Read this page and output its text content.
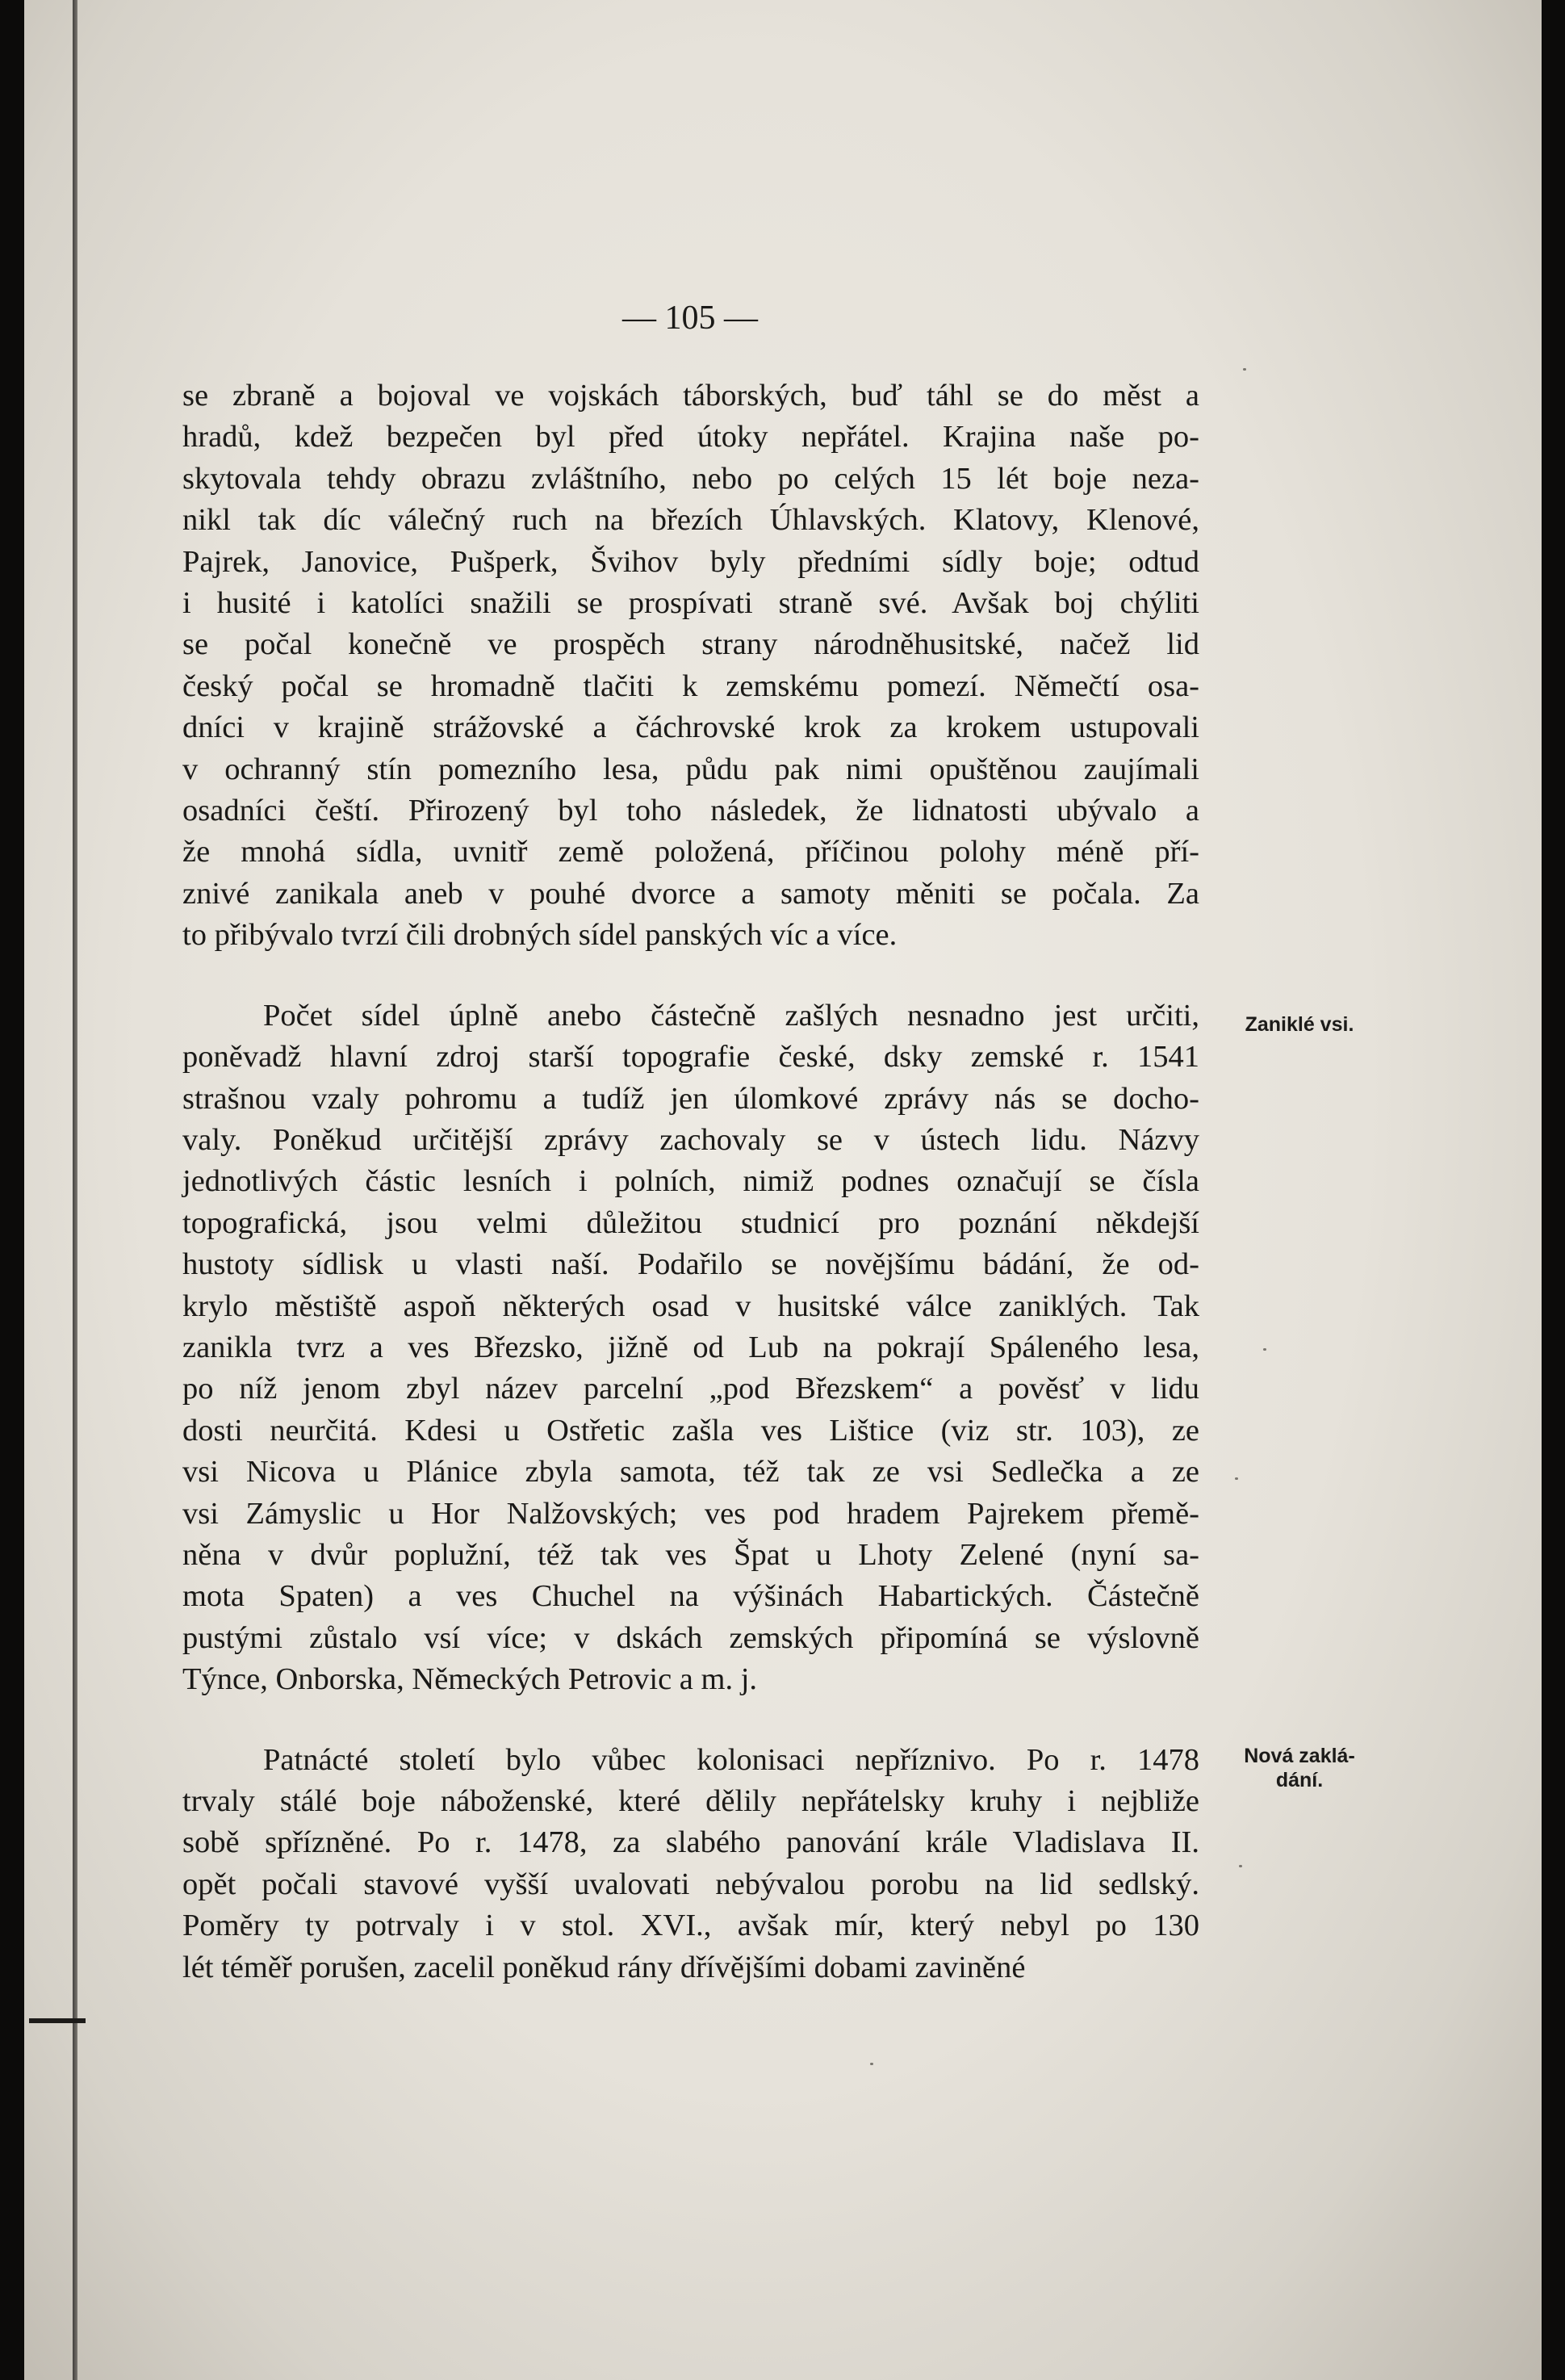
— 105 —

se zbraně a bojoval ve vojskách táborských, buď táhl se do měst a
hradů, kdež bezpečen byl před útoky nepřátel. Krajina naše po-
skytovala tehdy obrazu zvláštního, nebo po celých 15 lét boje neza-
nikl tak díc válečný ruch na březích Úhlavských. Klatovy, Klenové,
Pajrek, Janovice, Pušperk, Švihov byly předními sídly boje; odtud
i husité i katolíci snažili se prospívati straně své. Avšak boj chýliti
se počal konečně ve prospěch strany národněhusitské, načež lid
český počal se hromadně tlačiti k zemskému pomezí. Němečtí osa-
dníci v krajině strážovské a čáchrovské krok za krokem ustupovali
v ochranný stín pomezního lesa, půdu pak nimi opuštěnou zaujímali
osadníci čeští. Přirozený byl toho následek, že lidnatosti ubývalo a
že mnohá sídla, uvnitř země položená, příčinou polohy méně pří-
znivé zanikala aneb v pouhé dvorce a samoty měniti se počala. Za
to přibývalo tvrzí čili drobných sídel panských víc a více.

Počet sídel úplně anebo částečně zašlých nesnadno jest určiti,
poněvadž hlavní zdroj starší topografie české, dsky zemské r. 1541
strašnou vzaly pohromu a tudíž jen úlomkové zprávy nás se docho-
valy. Poněkud určitější zprávy zachovaly se v ústech lidu. Názvy
jednotlivých částic lesních i polních, nimiž podnes označují se čísla
topografická, jsou velmi důležitou studnicí pro poznání někdejší
hustoty sídlisk u vlasti naší. Podařilo se novějšímu bádání, že od-
krylo městiště aspoň některých osad v husitské válce zaniklých. Tak
zanikla tvrz a ves Březsko, jižně od Lub na pokrají Spáleného lesa,
po níž jenom zbyl název parcelní „pod Březskem“ a pověsť v lidu
dosti neurčitá. Kdesi u Ostřetic zašla ves Lištice (viz str. 103), ze
vsi Nicova u Plánice zbyla samota, též tak ze vsi Sedlečka a ze
vsi Zámyslic u Hor Nalžovských; ves pod hradem Pajrekem přemě-
něna v dvůr poplužní, též tak ves Špat u Lhoty Zelené (nyní sa-
mota Spaten) a ves Chuchel na výšinách Habartických. Částečně
pustými zůstalo vsí více; v dskách zemských připomíná se výslovně
Týnce, Onborska, Německých Petrovic a m. j.

Patnácté století bylo vůbec kolonisaci nepříznivo. Po r. 1478
trvaly stálé boje náboženské, které dělily nepřátelsky kruhy i nejbliže
sobě spřízněné. Po r. 1478, za slabého panování krále Vladislava II.
opět počali stavové vyšší uvalovati nebývalou porobu na lid sedlský.
Poměry ty potrvaly i v stol. XVI., avšak mír, který nebyl po 130
lét téměř porušen, zacelil poněkud rány dřívějšími dobami zaviněné

Zaniklé vsi.
Nová zaklá-
dání.
